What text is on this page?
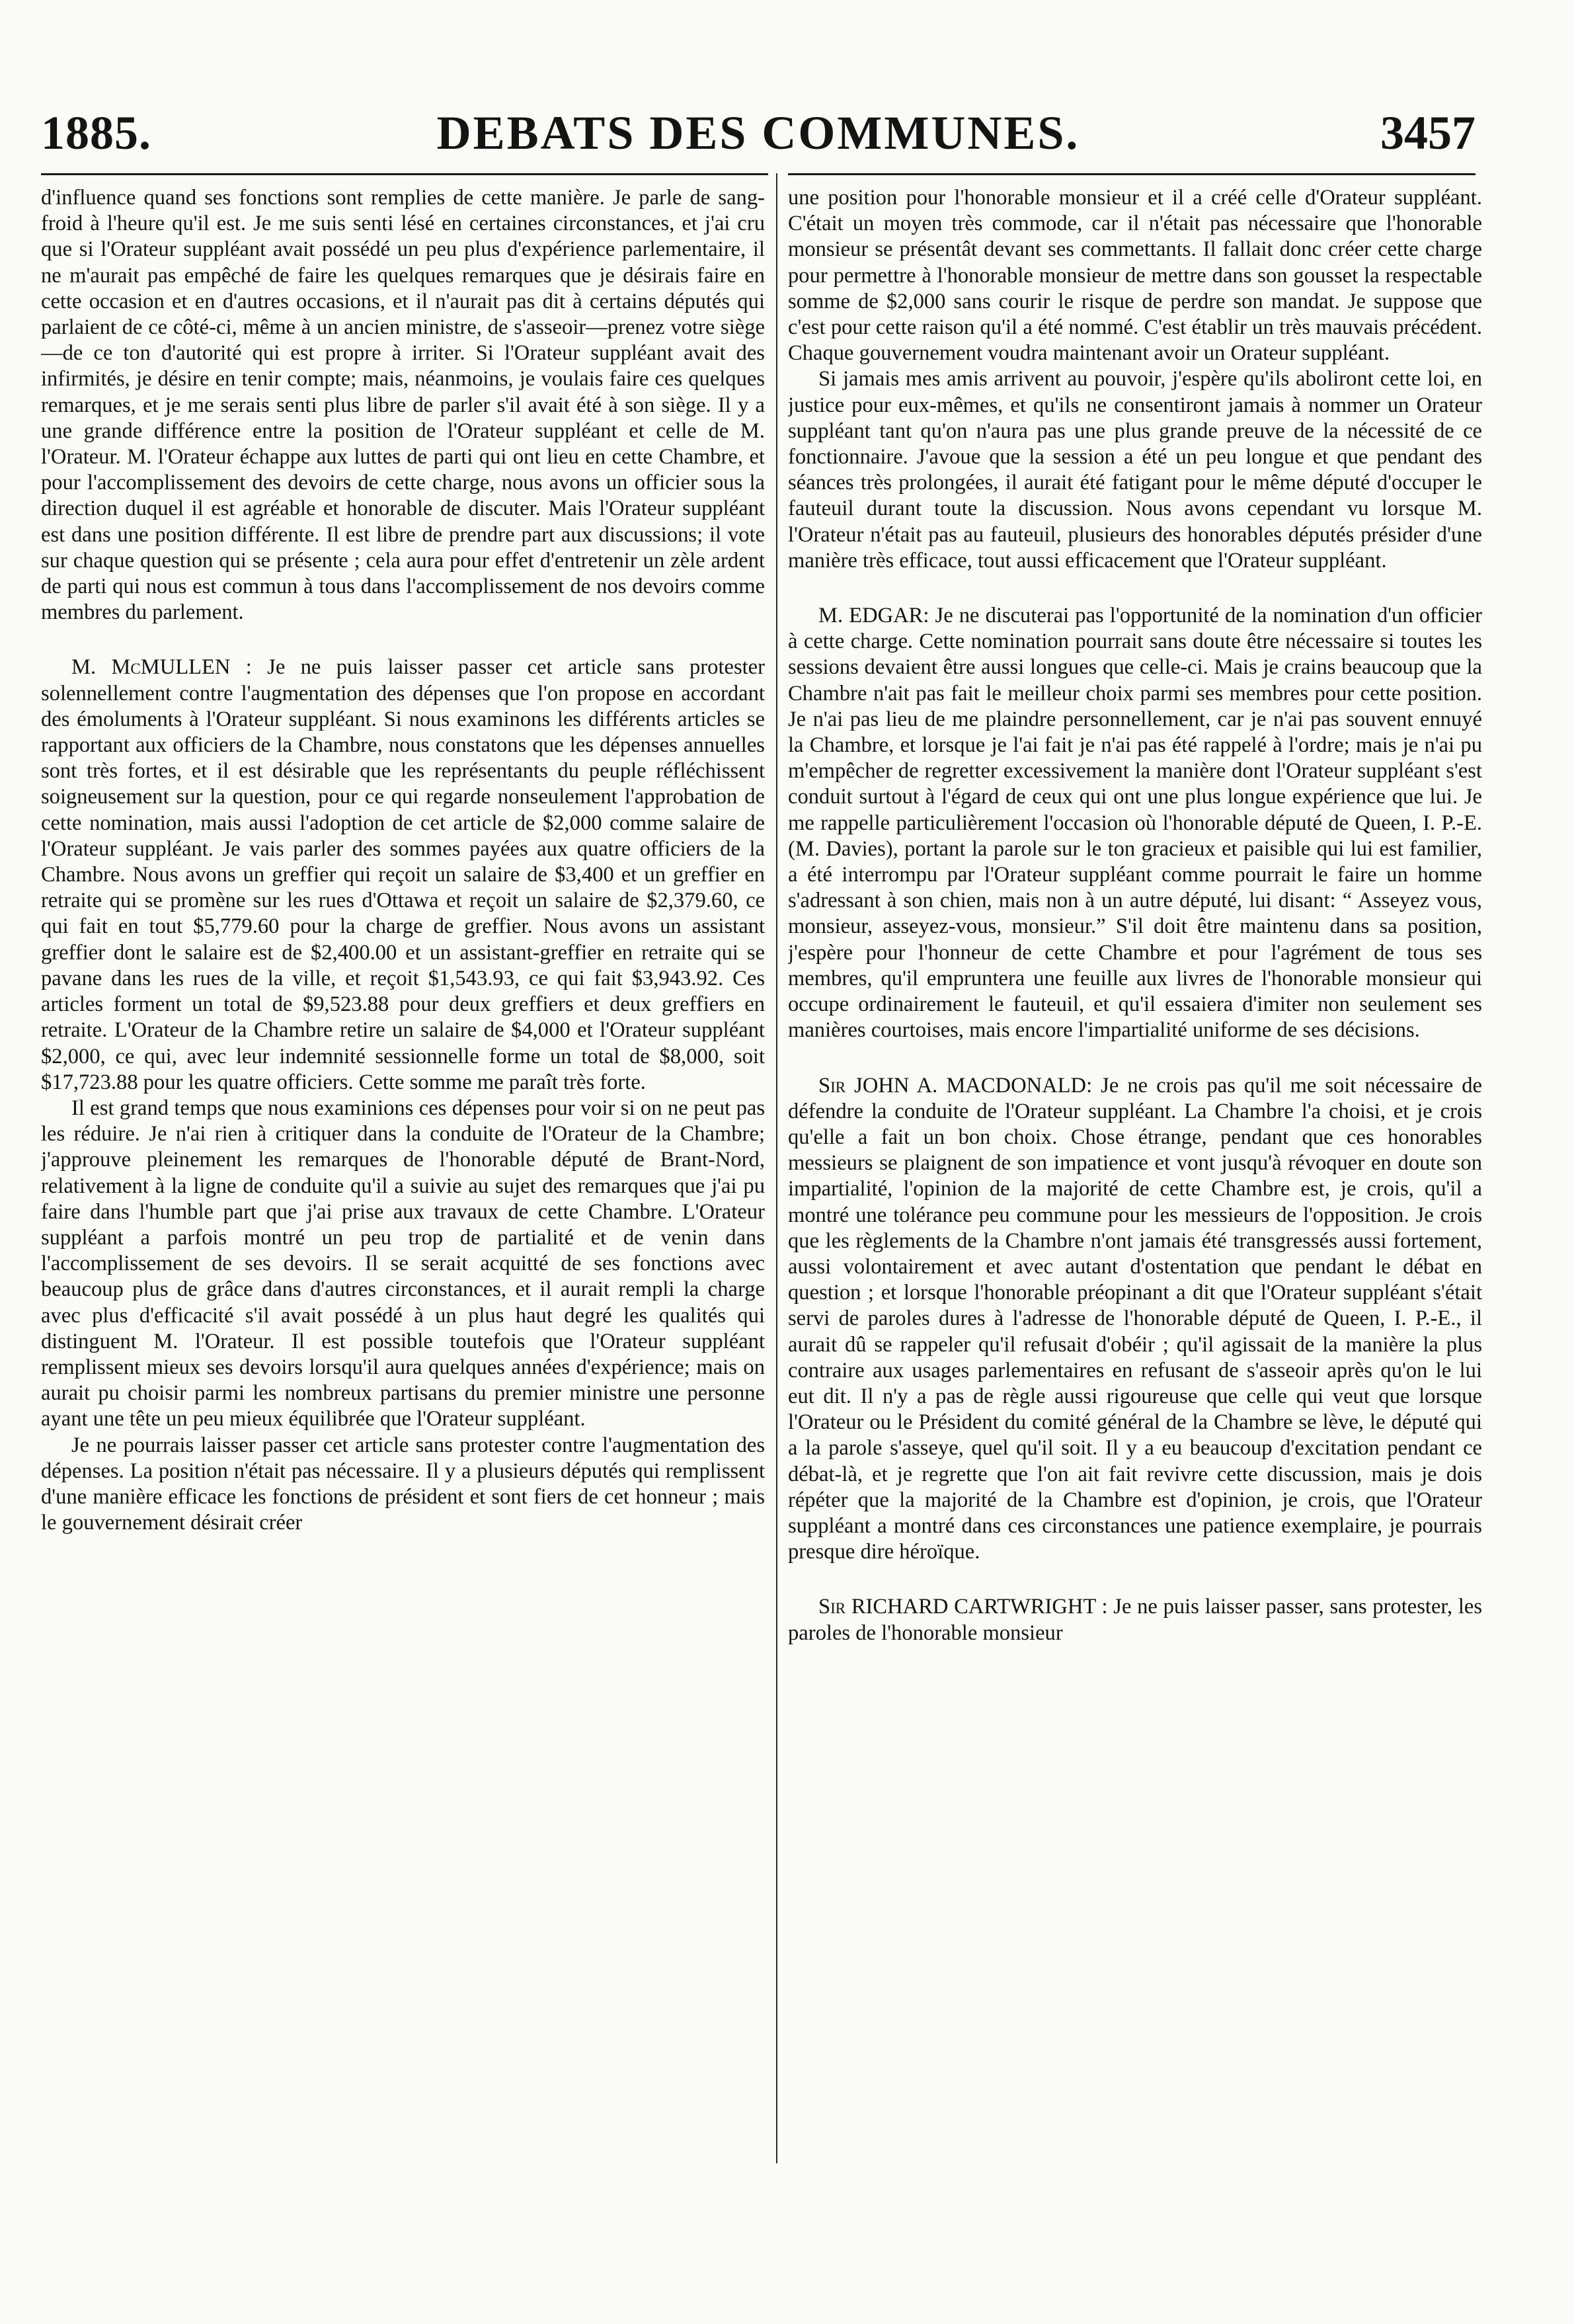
1885.	DEBATS DES COMMUNES.	3457

d'influence quand ses fonctions sont remplies de cette manière. Je parle de sang-froid à l'heure qu'il est. Je me suis senti lésé en certaines circonstances, et j'ai cru que si l'Orateur suppléant avait possédé un peu plus d'expérience parlementaire, il ne m'aurait pas empêché de faire les quelques remarques que je désirais faire en cette occasion et en d'autres occasions, et il n'aurait pas dit à certains députés qui parlaient de ce côté-ci, même à un ancien ministre, de s'asseoir—prenez votre siège—de ce ton d'autorité qui est propre à irriter. Si l'Orateur suppléant avait des infirmités, je désire en tenir compte; mais, néanmoins, je voulais faire ces quelques remarques, et je me serais senti plus libre de parler s'il avait été à son siège. Il y a une grande différence entre la position de l'Orateur suppléant et celle de M. l'Orateur. M. l'Orateur échappe aux luttes de parti qui ont lieu en cette Chambre, et pour l'accomplissement des devoirs de cette charge, nous avons un officier sous la direction duquel il est agréable et honorable de discuter. Mais l'Orateur suppléant est dans une position différente. Il est libre de prendre part aux discussions; il vote sur chaque question qui se présente ; cela aura pour effet d'entretenir un zèle ardent de parti qui nous est commun à tous dans l'accomplissement de nos devoirs comme membres du parlement.

M. McMULLEN : Je ne puis laisser passer cet article sans protester solennellement contre l'augmentation des dépenses que l'on propose en accordant des émoluments à l'Orateur suppléant. Si nous examinons les différents articles se rapportant aux officiers de la Chambre, nous constatons que les dépenses annuelles sont très fortes, et il est désirable que les représentants du peuple réfléchissent soigneusement sur la question, pour ce qui regarde nonseulement l'approbation de cette nomination, mais aussi l'adoption de cet article de $2,000 comme salaire de l'Orateur suppléant. Je vais parler des sommes payées aux quatre officiers de la Chambre. Nous avons un greffier qui reçoit un salaire de $3,400 et un greffier en retraite qui se promène sur les rues d'Ottawa et reçoit un salaire de $2,379.60, ce qui fait en tout $5,779.60 pour la charge de greffier. Nous avons un assistant greffier dont le salaire est de $2,400.00 et un assistant-greffier en retraite qui se pavane dans les rues de la ville, et reçoit $1,543.93, ce qui fait $3,943.92. Ces articles forment un total de $9,523.88 pour deux greffiers et deux greffiers en retraite. L'Orateur de la Chambre retire un salaire de $4,000 et l'Orateur suppléant $2,000, ce qui, avec leur indemnité sessionnelle forme un total de $8,000, soit $17,723.88 pour les quatre officiers. Cette somme me paraît très forte.

Il est grand temps que nous examinions ces dépenses pour voir si on ne peut pas les réduire. Je n'ai rien à critiquer dans la conduite de l'Orateur de la Chambre; j'approuve pleinement les remarques de l'honorable député de Brant-Nord, relativement à la ligne de conduite qu'il a suivie au sujet des remarques que j'ai pu faire dans l'humble part que j'ai prise aux travaux de cette Chambre. L'Orateur suppléant a parfois montré un peu trop de partialité et de venin dans l'accomplissement de ses devoirs. Il se serait acquitté de ses fonctions avec beaucoup plus de grâce dans d'autres circonstances, et il aurait rempli la charge avec plus d'efficacité s'il avait possédé à un plus haut degré les qualités qui distinguent M. l'Orateur. Il est possible toutefois que l'Orateur suppléant remplissent mieux ses devoirs lorsqu'il aura quelques années d'expérience; mais on aurait pu choisir parmi les nombreux partisans du premier ministre une personne ayant une tête un peu mieux équilibrée que l'Orateur suppléant.

Je ne pourrais laisser passer cet article sans protester contre l'augmentation des dépenses. La position n'était pas nécessaire. Il y a plusieurs députés qui remplissent d'une manière efficace les fonctions de président et sont fiers de cet honneur ; mais le gouvernement désirait créer

une position pour l'honorable monsieur et il a créé celle d'Orateur suppléant. C'était un moyen très commode, car il n'était pas nécessaire que l'honorable monsieur se présentât devant ses commettants. Il fallait donc créer cette charge pour permettre à l'honorable monsieur de mettre dans son gousset la respectable somme de $2,000 sans courir le risque de perdre son mandat. Je suppose que c'est pour cette raison qu'il a été nommé. C'est établir un très mauvais précédent. Chaque gouvernement voudra maintenant avoir un Orateur suppléant.

Si jamais mes amis arrivent au pouvoir, j'espère qu'ils aboliront cette loi, en justice pour eux-mêmes, et qu'ils ne consentiront jamais à nommer un Orateur suppléant tant qu'on n'aura pas une plus grande preuve de la nécessité de ce fonctionnaire. J'avoue que la session a été un peu longue et que pendant des séances très prolongées, il aurait été fatigant pour le même député d'occuper le fauteuil durant toute la discussion. Nous avons cependant vu lorsque M. l'Orateur n'était pas au fauteuil, plusieurs des honorables députés présider d'une manière très efficace, tout aussi efficacement que l'Orateur suppléant.

M. EDGAR: Je ne discuterai pas l'opportunité de la nomination d'un officier à cette charge. Cette nomination pourrait sans doute être nécessaire si toutes les sessions devaient être aussi longues que celle-ci. Mais je crains beaucoup que la Chambre n'ait pas fait le meilleur choix parmi ses membres pour cette position. Je n'ai pas lieu de me plaindre personnellement, car je n'ai pas souvent ennuyé la Chambre, et lorsque je l'ai fait je n'ai pas été rappelé à l'ordre; mais je n'ai pu m'empêcher de regretter excessivement la manière dont l'Orateur suppléant s'est conduit surtout à l'égard de ceux qui ont une plus longue expérience que lui. Je me rappelle particulièrement l'occasion où l'honorable député de Queen, I. P.-E. (M. Davies), portant la parole sur le ton gracieux et paisible qui lui est familier, a été interrompu par l'Orateur suppléant comme pourrait le faire un homme s'adressant à son chien, mais non à un autre député, lui disant: “ Asseyez vous, monsieur, asseyez-vous, monsieur.” S'il doit être maintenu dans sa position, j'espère pour l'honneur de cette Chambre et pour l'agrément de tous ses membres, qu'il emprunterа une feuille aux livres de l'honorable monsieur qui occupe ordinairement le fauteuil, et qu'il essaiera d'imiter non seulement ses manières courtoises, mais encore l'impartialité uniforme de ses décisions.

Sir JOHN A. MACDONALD: Je ne crois pas qu'il me soit nécessaire de défendre la conduite de l'Orateur suppléant. La Chambre l'a choisi, et je crois qu'elle a fait un bon choix. Chose étrange, pendant que ces honorables messieurs se plaignent de son impatience et vont jusqu'à révoquer en doute son impartialité, l'opinion de la majorité de cette Chambre est, je crois, qu'il a montré une tolérance peu commune pour les messieurs de l'opposition. Je crois que les règlements de la Chambre n'ont jamais été transgressés aussi fortement, aussi volontairement et avec autant d'ostentation que pendant le débat en question ; et lorsque l'honorable préopinant a dit que l'Orateur suppléant s'était servi de paroles dures à l'adresse de l'honorable député de Queen, I. P.-E., il aurait dû se rappeler qu'il refusait d'obéir ; qu'il agissait de la manière la plus contraire aux usages parlementaires en refusant de s'asseoir après qu'on le lui eut dit. Il n'y a pas de règle aussi rigoureuse que celle qui veut que lorsque l'Orateur ou le Président du comité général de la Chambre se lève, le député qui a la parole s'asseye, quel qu'il soit. Il y a eu beaucoup d'excitation pendant ce débat-là, et je regrette que l'on ait fait revivre cette discussion, mais je dois répéter que la majorité de la Chambre est d'opinion, je crois, que l'Orateur suppléant a montré dans ces circonstances une patience exemplaire, je pourrais presque dire héroïque.

Sir RICHARD CARTWRIGHT : Je ne puis laisser passer, sans protester, les paroles de l'honorable monsieur
